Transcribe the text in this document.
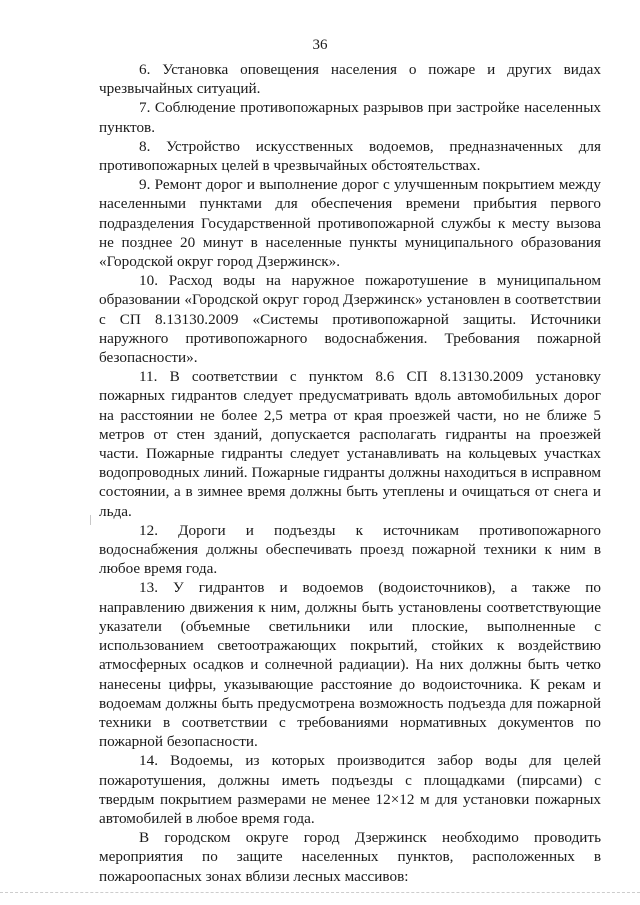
36

6. Установка оповещения населения о пожаре и других видах чрезвычайных ситуаций.

7. Соблюдение противопожарных разрывов при застройке населенных пунктов.

8. Устройство искусственных водоемов, предназначенных для противопожарных целей в чрезвычайных обстоятельствах.

9. Ремонт дорог и выполнение дорог с улучшенным покрытием между населенными пунктами для обеспечения времени прибытия первого подразделения Государственной противопожарной службы к месту вызова не позднее 20 минут в населенные пункты муниципального образования «Городской округ город Дзержинск».

10. Расход воды на наружное пожаротушение в муниципальном образовании «Городской округ город Дзержинск» установлен в соответствии с СП 8.13130.2009 «Системы противопожарной защиты. Источники наружного противопожарного водоснабжения. Требования пожарной безопасности».

11. В соответствии с пунктом 8.6 СП 8.13130.2009 установку пожарных гидрантов следует предусматривать вдоль автомобильных дорог на расстоянии не более 2,5 метра от края проезжей части, но не ближе 5 метров от стен зданий, допускается располагать гидранты на проезжей части. Пожарные гидранты следует устанавливать на кольцевых участках водопроводных линий. Пожарные гидранты должны находиться в исправном состоянии, а в зимнее время должны быть утеплены и очищаться от снега и льда.

12. Дороги и подъезды к источникам противопожарного водоснабжения должны обеспечивать проезд пожарной техники к ним в любое время года.

13. У гидрантов и водоемов (водоисточников), а также по направлению движения к ним, должны быть установлены соответствующие указатели (объемные светильники или плоские, выполненные с использованием светоотражающих покрытий, стойких к воздействию атмосферных осадков и солнечной радиации). На них должны быть четко нанесены цифры, указывающие расстояние до водоисточника. К рекам и водоемам должны быть предусмотрена возможность подъезда для пожарной техники в соответствии с требованиями нормативных документов по пожарной безопасности.

14. Водоемы, из которых производится забор воды для целей пожаротушения, должны иметь подъезды с площадками (пирсами) с твердым покрытием размерами не менее 12×12 м для установки пожарных автомобилей в любое время года.

В городском округе город Дзержинск необходимо проводить мероприятия по защите населенных пунктов, расположенных в пожароопасных зонах вблизи лесных массивов:
